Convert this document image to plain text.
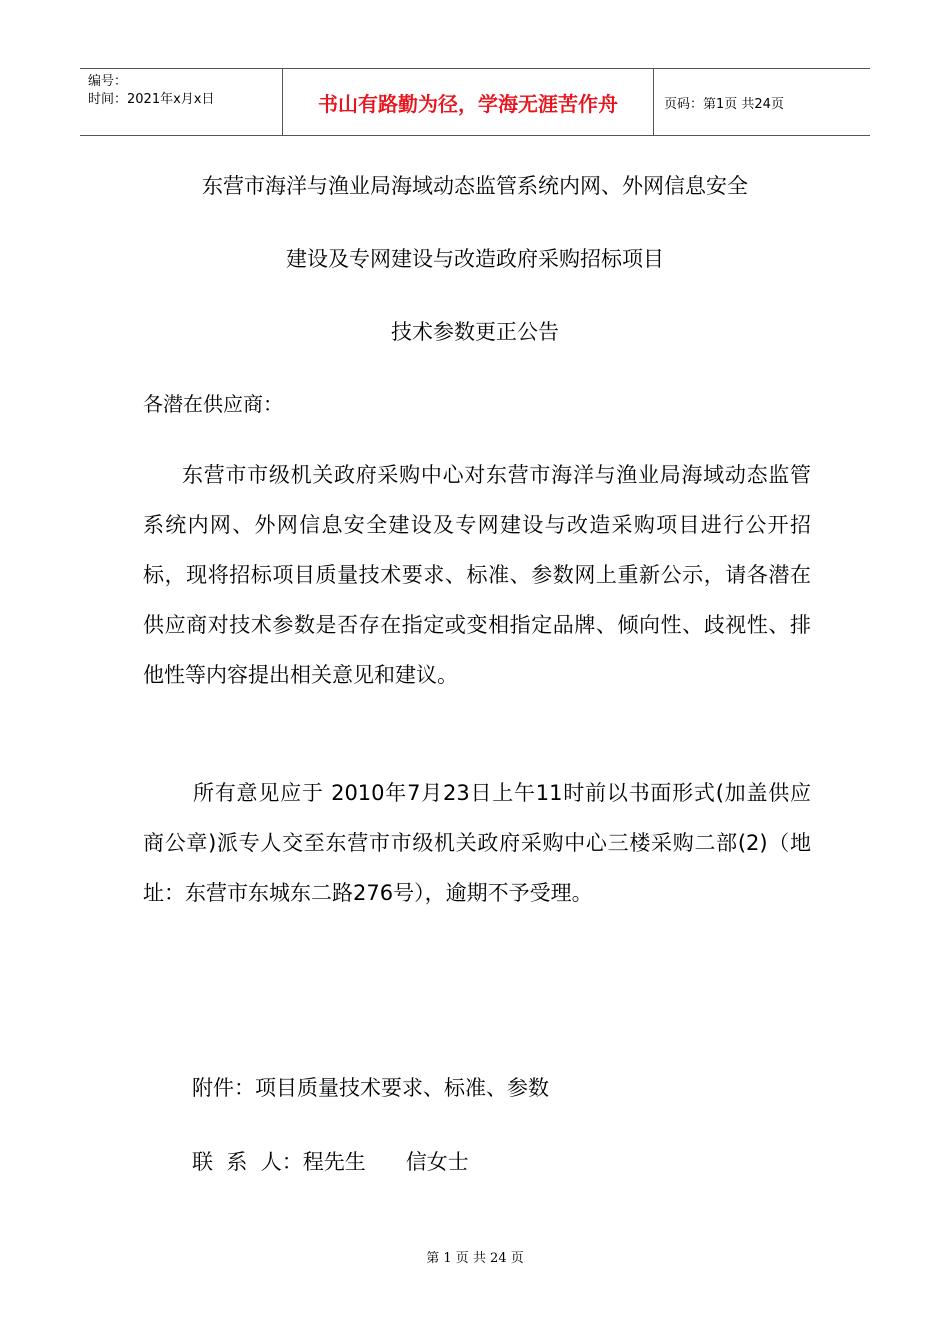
编号：
时间：2021年x月x日	书山有路勤为径，学海无涯苦作舟	页码：第1页 共24页
东营市海洋与渔业局海域动态监管系统内网、外网信息安全
建设及专网建设与改造政府采购招标项目
技术参数更正公告
各潜在供应商：
东营市市级机关政府采购中心对东营市海洋与渔业局海域动态监管系统内网、外网信息安全建设及专网建设与改造采购项目进行公开招标，现将招标项目质量技术要求、标准、参数网上重新公示，请各潜在供应商对技术参数是否存在指定或变相指定品牌、倾向性、歧视性、排他性等内容提出相关意见和建议。
所有意见应于 2010年7月23日上午11时前以书面形式(加盖供应商公章)派专人交至东营市市级机关政府采购中心三楼采购二部(2)（地址：东营市东城东二路276号），逾期不予受理。
附件：项目质量技术要求、标准、参数
联  系  人：程先生      信女士
第 1 页 共 24 页
